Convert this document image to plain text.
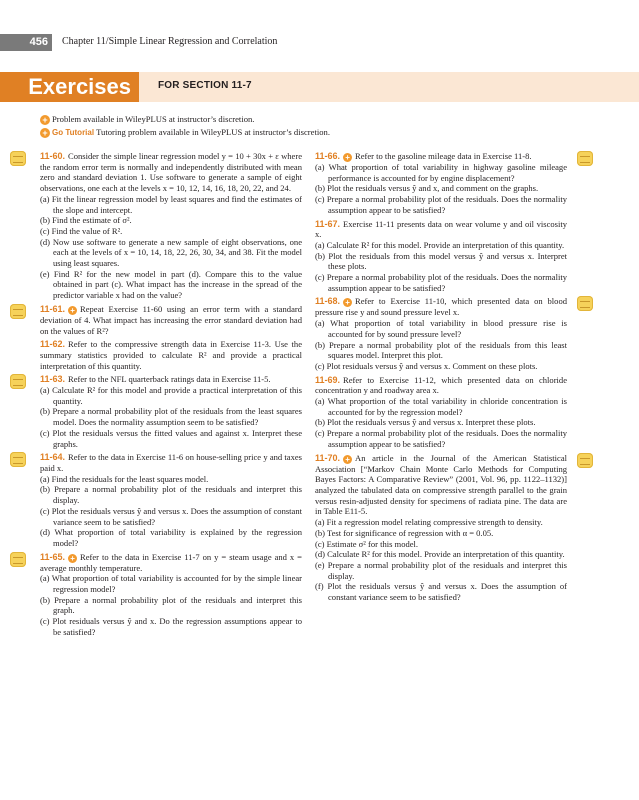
456	Chapter 11/Simple Linear Regression and Correlation
Exercises	FOR SECTION 11-7
+ Problem available in WileyPLUS at instructor’s discretion.
+ Go Tutorial Tutoring problem available in WileyPLUS at instructor’s discretion.

11-60. Consider the simple linear regression model y = 10 + 30x + ε where the random error term is normally and independently distributed with mean zero and standard deviation 1. Use software to generate a sample of eight observations, one each at the levels x = 10, 12, 14, 16, 18, 20, 22, and 24.

(a) Fit the linear regression model by least squares and find the estimates of the slope and intercept.

(b) Find the estimate of σ².

(c) Find the value of R².

(d) Now use software to generate a new sample of eight observations, one each at the levels of x = 10, 14, 18, 22, 26, 30, 34, and 38. Fit the model using least squares.

(e) Find R² for the new model in part (d). Compare this to the value obtained in part (c). What impact has the increase in the spread of the predictor variable x had on the value?

11-61. + Repeat Exercise 11-60 using an error term with a standard deviation of 4. What impact has increasing the error standard deviation had on the values of R²?

11-62. Refer to the compressive strength data in Exercise 11-3. Use the summary statistics provided to calculate R² and provide a practical interpretation of this quantity.

11-63. Refer to the NFL quarterback ratings data in Exercise 11-5.

(a) Calculate R² for this model and provide a practical interpretation of this quantity.

(b) Prepare a normal probability plot of the residuals from the least squares model. Does the normality assumption seem to be satisfied?

(c) Plot the residuals versus the fitted values and against x. Interpret these graphs.

11-64. Refer to the data in Exercise 11-6 on house-selling price y and taxes paid x.

(a) Find the residuals for the least squares model.

(b) Prepare a normal probability plot of the residuals and interpret this display.

(c) Plot the residuals versus ŷ and versus x. Does the assumption of constant variance seem to be satisfied?

(d) What proportion of total variability is explained by the regression model?

11-65. + Refer to the data in Exercise 11-7 on y = steam usage and x = average monthly temperature.

(a) What proportion of total variability is accounted for by the simple linear regression model?

(b) Prepare a normal probability plot of the residuals and interpret this graph.

(c) Plot residuals versus ŷ and x. Do the regression assumptions appear to be satisfied?

11-66. + Refer to the gasoline mileage data in Exercise 11-8.

(a) What proportion of total variability in highway gasoline mileage performance is accounted for by engine displacement?

(b) Plot the residuals versus ŷ and x, and comment on the graphs.

(c) Prepare a normal probability plot of the residuals. Does the normality assumption appear to be satisfied?

11-67. Exercise 11-11 presents data on wear volume y and oil viscosity x.

(a) Calculate R² for this model. Provide an interpretation of this quantity.

(b) Plot the residuals from this model versus ŷ and versus x. Interpret these plots.

(c) Prepare a normal probability plot of the residuals. Does the normality assumption appear to be satisfied?

11-68. + Refer to Exercise 11-10, which presented data on blood pressure rise y and sound pressure level x.

(a) What proportion of total variability in blood pressure rise is accounted for by sound pressure level?

(b) Prepare a normal probability plot of the residuals from this least squares model. Interpret this plot.

(c) Plot residuals versus ŷ and versus x. Comment on these plots.

11-69. Refer to Exercise 11-12, which presented data on chloride concentration y and roadway area x.

(a) What proportion of the total variability in chloride concentration is accounted for by the regression model?

(b) Plot the residuals versus ŷ and versus x. Interpret these plots.

(c) Prepare a normal probability plot of the residuals. Does the normality assumption appear to be satisfied?

11-70. + An article in the Journal of the American Statistical Association [“Markov Chain Monte Carlo Methods for Computing Bayes Factors: A Comparative Review” (2001, Vol. 96, pp. 1122–1132)] analyzed the tabulated data on compressive strength parallel to the grain versus resin-adjusted density for specimens of radiata pine. The data are in Table E11-5.

(a) Fit a regression model relating compressive strength to density.

(b) Test for significance of regression with α = 0.05.

(c) Estimate σ² for this model.

(d) Calculate R² for this model. Provide an interpretation of this quantity.

(e) Prepare a normal probability plot of the residuals and interpret this display.

(f) Plot the residuals versus ŷ and versus x. Does the assumption of constant variance seem to be satisfied?
